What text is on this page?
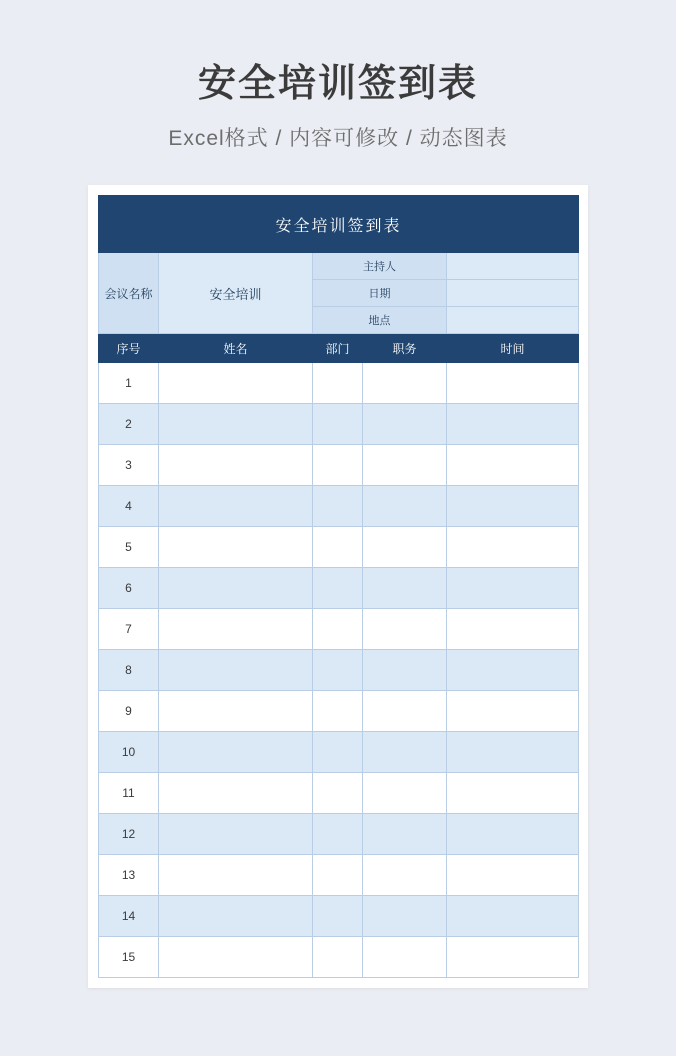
安全培训签到表
Excel格式 / 内容可修改 / 动态图表
安全培训签到表				
会议名称	安全培训	主持人		
		日期		
		地点		
序号	姓名	部门	职务	时间
1				
2				
3				
4				
5				
6				
7				
8				
9				
10				
11				
12				
13				
14				
15				
